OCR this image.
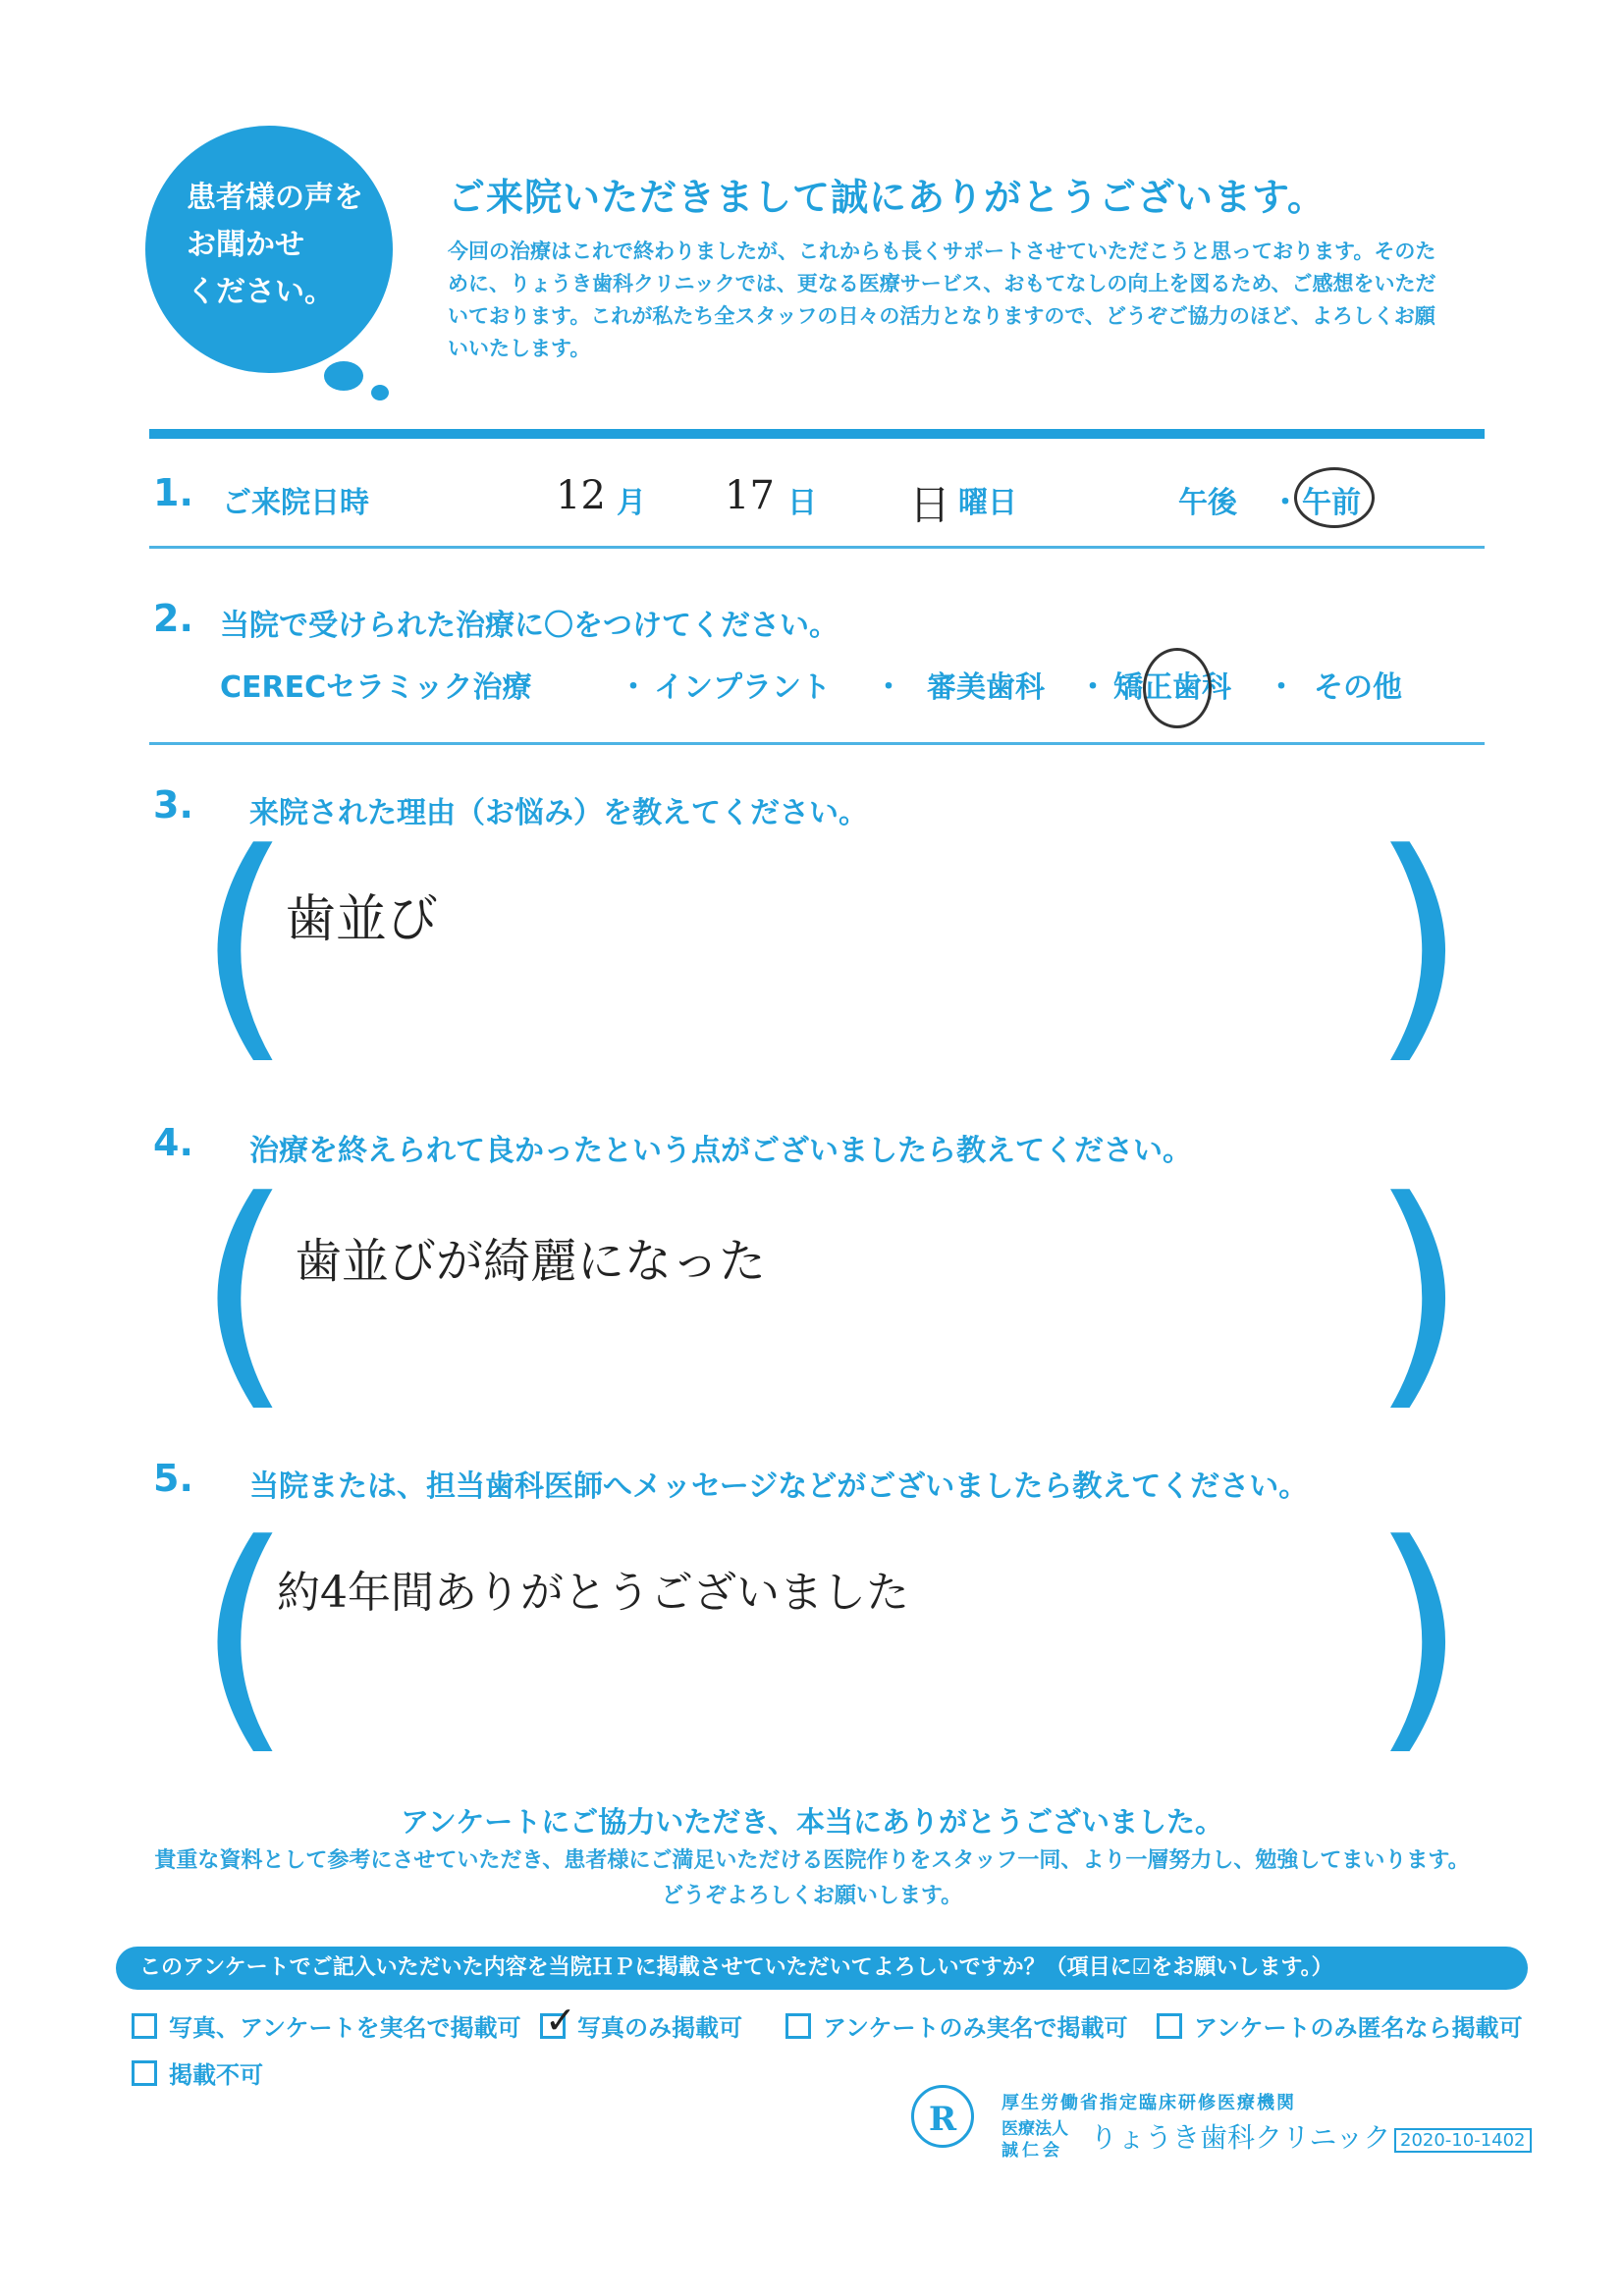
患者様の声を
お聞かせ
ください。
ご来院いただきまして誠にありがとうございます。
今回の治療はこれで終わりましたが、これからも長くサポートさせていただこうと思っております。そのために、りょうき歯科クリニックでは、更なる医療サービス、おもてなしの向上を図るため、ご感想をいただいております。これが私たち全スタッフの日々の活力となりますので、どうぞご協力のほど、よろしくお願いいたします。
1. ご来院日時	12 月 17 日 日 曜日	午後 ・ 午前
2. 当院で受けられた治療に〇をつけてください。
CERECセラミック治療	・ インプラント ・ 審美歯科 ・ 矯正歯科 ・ その他
3. 来院された理由（お悩み）を教えてください。
(	)
歯並び
4. 治療を終えられて良かったという点がございましたら教えてください。
(	)
歯並びが綺麗になった
5. 当院または、担当歯科医師へメッセージなどがございましたら教えてください。
(	)
約4年間ありがとうございました
アンケートにご協力いただき、本当にありがとうございました。
貴重な資料として参考にさせていただき、患者様にご満足いただける医院作りをスタッフ一同、より一層努力し、勉強してまいります。
どうぞよろしくお願いします。
このアンケートでご記入いただいた内容を当院ＨＰに掲載させていただいてよろしいですか？（項目に☑をお願いします。）
写真、アンケートを実名で掲載可 ✓ 写真のみ掲載可	アンケートのみ実名で掲載可	アンケートのみ匿名なら掲載可
掲載不可
R	厚生労働省指定臨床研修医療機関
医療法人
誠仁会 りょうき歯科クリニック 2020-10-1402
